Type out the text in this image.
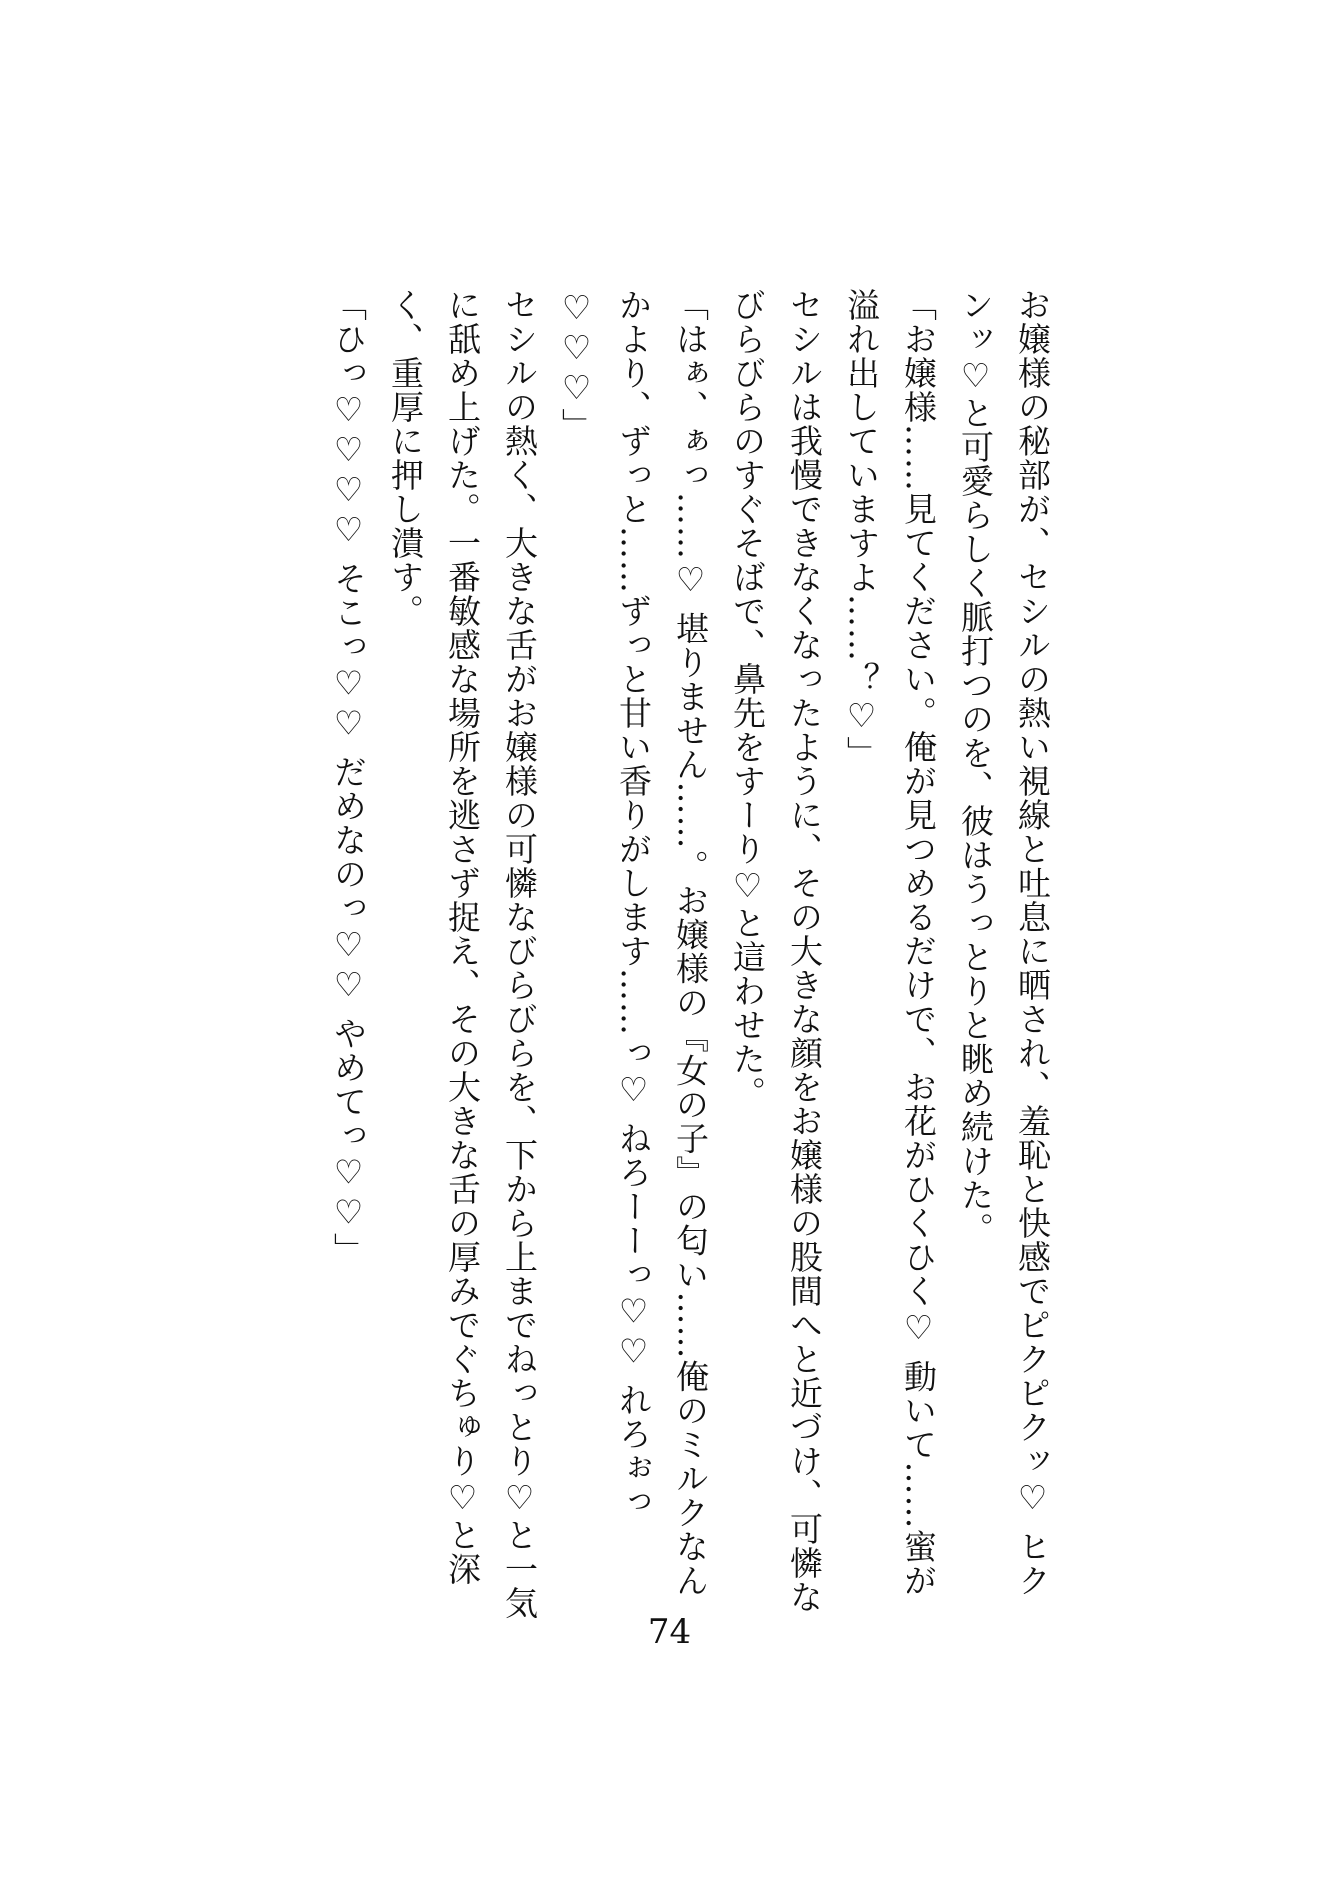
お嬢様の秘部が、セシルの熱い視線と吐息に晒され、羞恥と快感でピクピクッ♡ ヒク
ンッ♡と可愛らしく脈打つのを、彼はうっとりと眺め続けた。
「お嬢様……見てください。俺が見つめるだけで、お花がひくひく♡ 動いて……蜜が
溢れ出していますよ……？♡」
セシルは我慢できなくなったように、その大きな顔をお嬢様の股間へと近づけ、可憐な
びらびらのすぐそばで、鼻先をすーり♡と這わせた。
「はぁ、ぁっ……♡ 堪りません……。お嬢様の『女の子』の匂い……俺のミルクなん
かより、ずっと……ずっと甘い香りがします……っ♡ ねろーーっ♡♡ れろぉっ
♡♡♡」
セシルの熱く、大きな舌がお嬢様の可憐なびらびらを、下から上までねっとり♡と一気
に舐め上げた。一番敏感な場所を逃さず捉え、その大きな舌の厚みでぐちゅり♡と深
く、重厚に押し潰す。
「ひっ♡♡♡♡ そこっ♡♡ だめなのっ♡♡ やめてっ♡♡」
74
